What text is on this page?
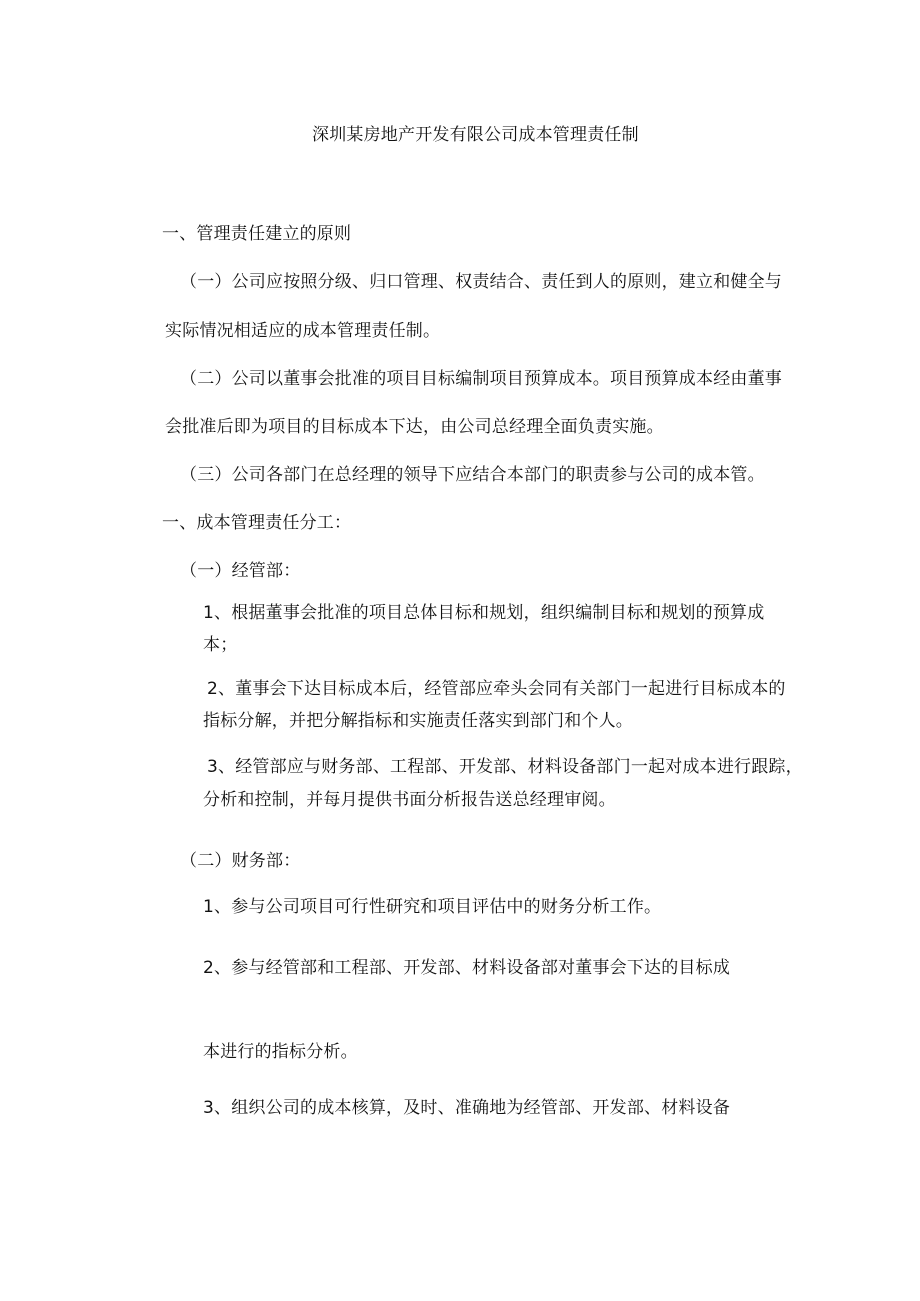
深圳某房地产开发有限公司成本管理责任制
一、管理责任建立的原则
（一）公司应按照分级、归口管理、权责结合、责任到人的原则，建立和健全与
实际情况相适应的成本管理责任制。
（二）公司以董事会批准的项目目标编制项目预算成本。项目预算成本经由董事
会批准后即为项目的目标成本下达，由公司总经理全面负责实施。
（三）公司各部门在总经理的领导下应结合本部门的职责参与公司的成本管。
一、成本管理责任分工：
（一）经管部：
1、根据董事会批准的项目总体目标和规划，组织编制目标和规划的预算成
本；
2、董事会下达目标成本后，经管部应牵头会同有关部门一起进行目标成本的
指标分解，并把分解指标和实施责任落实到部门和个人。
3、经管部应与财务部、工程部、开发部、材料设备部门一起对成本进行跟踪，
分析和控制，并每月提供书面分析报告送总经理审阅。
（二）财务部：
1、参与公司项目可行性研究和项目评估中的财务分析工作。
2、参与经管部和工程部、开发部、材料设备部对董事会下达的目标成
本进行的指标分析。
3、组织公司的成本核算，及时、准确地为经管部、开发部、材料设备
